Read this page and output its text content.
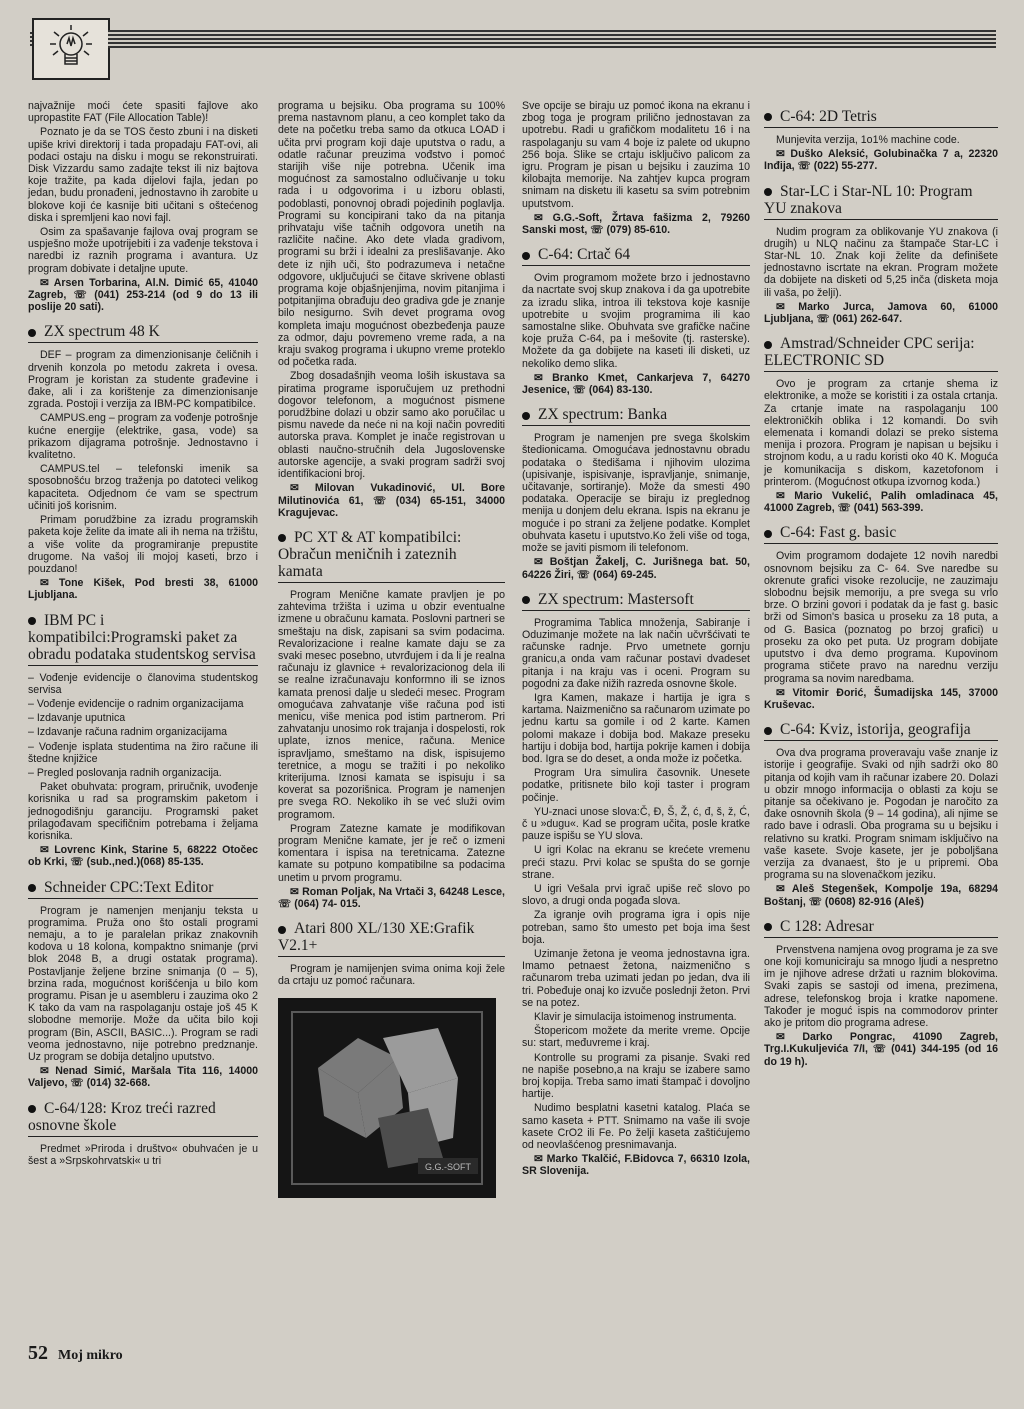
najvažnije moći ćete spasiti fajlove ako upropastite FAT (File Allocation Table)!

Poznato je da se TOS često zbuni i na disketi upiše krivi direktorij i tada propadaju FAT-ovi, ali podaci ostaju na disku i mogu se rekonstruirati. Disk Vizzardu samo zadajte tekst ili niz bajtova koje tražite, pa kada dijelovi fajla, jedan po jedan, budu pronađeni, jednostavno ih zarobite u blokove koji će kasnije biti učitani s oštećenog diska i spremljeni kao novi fajl.

Osim za spašavanje fajlova ovaj program se uspješno može upotrijebiti i za vađenje tekstova i naredbi iz raznih programa i avantura. Uz program dobivate i detaljne upute.

✉ Arsen Torbarina, Al.N. Dimić 65, 41040 Zagreb, ☏ (041) 253-214 (od 9 do 13 ili poslije 20 sati).
ZX spectrum 48 K

DEF – program za dimenzionisanje čeličnih i drvenih konzola po metodu zakreta i ovesa. Program je koristan za studente građevine i đake, ali i za korištenje za dimenzionisanje zgrada. Postoji i verzija za IBM-PC kompatibilce.

CAMPUS.eng – program za vođenje potrošnje kućne energije (elektrike, gasa, vode) sa prikazom dijagrama potrošnje. Jednostavno i kvalitetno.

CAMPUS.tel – telefonski imenik sa sposobnošću brzog traženja po datoteci velikog kapaciteta. Odjednom će vam se spectrum učiniti još korisnim.

Primam porudžbine za izradu programskih paketa koje želite da imate ali ih nema na tržištu, a više volite da programiranje prepustite drugome. Na vašoj ili mojoj kaseti, brzo i pouzdano!

✉ Tone Kišek, Pod bresti 38, 61000 Ljubljana.
IBM PC i kompatibilci:Programski paket za obradu podataka studentskog servisa

– Vođenje evidencije o članovima studentskog servisa

– Vođenje evidencije o radnim organizacijama

– Izdavanje uputnica

– Izdavanje računa radnim organizacijama

– Vođenje isplata studentima na žiro račune ili štedne knjižice

– Pregled poslovanja radnih organizacija.

Paket obuhvata: program, priručnik, uvođenje korisnika u rad sa programskim paketom i jednogodišnju garanciju. Programski paket prilagođavam specifičnim potrebama i željama korisnika.

✉ Lovrenc Kink, Starine 5, 68222 Otočec ob Krki, ☏ (sub.,ned.)(068) 85-135.
Schneider CPC:Text Editor

Program je namenjen menjanju teksta u programima. Pruža ono što ostali programi nemaju, a to je paralelan prikaz znakovnih kodova u 18 kolona, kompaktno snimanje (prvi blok 2048 B, a drugi ostatak programa). Postavljanje željene brzine snimanja (0 – 5), brzina rada, mogućnost korišćenja u bilo kom programu. Pisan je u asembleru i zauzima oko 2 K tako da vam na raspolaganju ostaje još 45 K slobodne memorije. Može da učita bilo koji program (Bin, ASCII, BASIC...). Program se radi veoma jednostavno, nije potrebno predznanje. Uz program se dobija detaljno uputstvo.

✉ Nenad Simić, Maršala Tita 116, 14000 Valjevo, ☏ (014) 32-668.
C-64/128: Kroz treći razred osnovne škole

Predmet »Priroda i društvo« obuhvaćen je u šest a »Srpskohrvatski« u tri

programa u bejsiku. Oba programa su 100% prema nastavnom planu, a ceo komplet tako da dete na početku treba samo da otkuca LOAD i učita prvi program koji daje uputstva o radu, a odatle računar preuzima vođstvo i pomoć starijih više nije potrebna. Učenik ima mogućnost za samostalno odlučivanje u toku rada i u odgovorima i u izboru oblasti, podoblasti, ponovnoj obradi pojedinih poglavlja. Programi su koncipirani tako da na pitanja prihvataju više tačnih odgovora unetih na različite načine. Ako dete vlada gradivom, programi su brži i idealni za preslišavanje. Ako dete iz njih uči, što podrazumeva i netačne odgovore, uključujući se čitave skrivene oblasti programa koje objašnjenjima, novim pitanjima i potpitanjima obrađuju deo gradiva gde je znanje bilo nesigurno. Svih devet programa ovog kompleta imaju mogućnost obezbeđenja pauze za odmor, daju povremeno vreme rada, a na kraju svakog programa i ukupno vreme proteklo od početka rada.

Zbog dosadašnjih veoma loših iskustava sa piratima programe isporučujem uz prethodni dogovor telefonom, a mogućnost pismene porudžbine dolazi u obzir samo ako poručilac u pismu navede da neće ni na koji način povrediti autorska prava. Komplet je inače registrovan u oblasti naučno-stručnih dela Jugoslovenske autorske agencije, a svaki program sadrži svoj identifikacioni broj.

✉ Milovan Vukadinović, Ul. Bore Milutinovića 61, ☏ (034) 65-151, 34000 Kragujevac.
PC XT & AT kompatibilci: Obračun meničnih i zateznih kamata

Program Menične kamate pravljen je po zahtevima tržišta i uzima u obzir eventualne izmene u obračunu kamata. Poslovni partneri se smeštaju na disk, zapisani sa svim podacima. Revalorizacione i realne kamate daju se za svaki mesec posebno, utvrđujem i da li je realna računaju iz glavnice + revalorizacionog dela ili se realne izračunavaju konformno ili se iznos kamata prenosi dalje u sledeći mesec. Program omogućava zahvatanje više računa pod isti menicu, više menica pod istim partnerom. Pri zahvatanju unosimo rok trajanja i dospelosti, rok uplate, iznos menice, računa. Menice ispravljamo, smeštamo na disk, ispisujemo teretnice, a mogu se tražiti i po nekoliko kriterijuma. Iznosi kamata se ispisuju i sa koverat sa pozorišnica. Program je namenjen pre svega RO. Nekoliko ih se već služi ovim programom.

Program Zatezne kamate je modifikovan program Menične kamate, jer je reč o izmeni komentara i ispisa na teretnicama. Zatezne kamate su potpuno kompatibilne sa podacima unetim u prvom programu.

✉ Roman Poljak, Na Vrtači 3, 64248 Lesce, ☏ (064) 74- 015.
Atari 800 XL/130 XE:Grafik V2.1+

Program je namijenjen svima onima koji žele da crtaju uz pomoć računara.

G.G.-SOFT

Sve opcije se biraju uz pomoć ikona na ekranu i zbog toga je program prilično jednostavan za upotrebu. Radi u grafičkom modalitetu 16 i na raspolaganju su vam 4 boje iz palete od ukupno 256 boja. Slike se crtaju isključivo palicom za igru. Program je pisan u bejsiku i zauzima 10 kilobajta memorije. Na zahtjev kupca program snimam na disketu ili kasetu sa svim potrebnim uputstvom.

✉ G.G.-Soft, Žrtava fašizma 2, 79260 Sanski most, ☏ (079) 85-610.
C-64: Crtač 64

Ovim programom možete brzo i jednostavno da nacrtate svoj skup znakova i da ga upotrebite za izradu slika, introa ili tekstova koje kasnije upotrebite u svojim programima ili kao samostalne slike. Obuhvata sve grafičke načine koje pruža C-64, pa i mešovite (tj. rasterske). Možete da ga dobijete na kaseti ili disketi, uz nekoliko demo slika.

✉ Branko Kmet, Cankarjeva 7, 64270 Jesenice, ☏ (064) 83-130.
ZX spectrum: Banka

Program je namenjen pre svega školskim štedionicama. Omogućava jednostavnu obradu podataka o štedišama i njihovim ulozima (upisivanje, ispisivanje, ispravljanje, snimanje, učitavanje, sortiranje). Može da smesti 490 podataka. Operacije se biraju iz preglednog menija u donjem delu ekrana. Ispis na ekranu je moguće i po strani za željene podatke. Komplet obuhvata kasetu i uputstvo.Ko želi više od toga, može se javiti pismom ili telefonom.

✉ Boštjan Žakelj, C. Jurišnega bat. 50, 64226 Žiri, ☏ (064) 69-245.
ZX spectrum: Mastersoft

Programima Tablica množenja, Sabiranje i Oduzimanje možete na lak način učvršćivati te računske radnje. Prvo umetnete gornju granicu,a onda vam računar postavi dvadeset pitanja i na kraju vas i oceni. Program su pogodni za đake nižih razreda osnovne škole.

Igra Kamen, makaze i hartija je igra s kartama. Naizmenično sa računarom uzimate po jednu kartu sa gomile i od 2 karte. Kamen polomi makaze i dobija bod. Makaze preseku hartiju i dobija bod, hartija pokrije kamen i dobija bod. Igra se do deset, a onda može iz početka.

Program Ura simulira časovnik. Unesete podatke, pritisnete bilo koji taster i program počinje.

YU-znaci unose slova:Č, Đ, Š, Ž, ć, đ, š, ž, Ć, č u »dugu«. Kad se program učita, posle kratke pauze ispišu se YU slova.

U igri Kolac na ekranu se krećete vremenu preći stazu. Prvi kolac se spušta do se gornje strane.

U igri Vešala prvi igrač upiše reč slovo po slovo, a drugi onda pogađa slova.

Za igranje ovih programa igra i opis nije potreban, samo što umesto pet boja ima šest boja.

Uzimanje žetona je veoma jednostavna igra. Imamo petnaest žetona, naizmenično s računarom treba uzimati jedan po jedan, dva ili tri. Pobeđuje onaj ko izvuče poslednji žeton. Prvi se na potez.

Klavir je simulacija istoimenog instrumenta.

Štopericom možete da merite vreme. Opcije su: start, međuvreme i kraj.

Kontrolle su programi za pisanje. Svaki red ne napiše posebno,a na kraju se izabere samo broj kopija. Treba samo imati štampač i dovoljno hartije.

Nudimo besplatni kasetni katalog. Plaća se samo kaseta + PTT. Snimamo na vaše ili svoje kasete CrO2 ili Fe. Po želji kaseta zaštićujemo od neovlašćenog presnimavanja.

✉ Marko Tkalčić, F.Bidovca 7, 66310 Izola, SR Slovenija.
C-64: 2D Tetris

Munjevita verzija, 1o1% machine code.

✉ Duško Aleksić, Golubinačka 7 a, 22320 Inđija, ☏ (022) 55-277.
Star-LC i Star-NL 10: Program YU znakova

Nudim program za oblikovanje YU znakova (i drugih) u NLQ načinu za štampače Star-LC i Star-NL 10. Znak koji želite da definišete jednostavno iscrtate na ekran. Program možete da dobijete na disketi od 5,25 inča (disketa moja ili vaša, po želji).

✉ Marko Jurca, Jamova 60, 61000 Ljubljana, ☏ (061) 262-647.
Amstrad/Schneider CPC serija: ELECTRONIC SD

Ovo je program za crtanje shema iz elektronike, a može se koristiti i za ostala crtanja. Za crtanje imate na raspolaganju 100 elektroničkih oblika i 12 komandi. Do svih elemenata i komandi dolazi se preko sistema menija i prozora. Program je napisan u bejsiku i strojnom kodu, a u radu koristi oko 40 K. Moguća je komunikacija s diskom, kazetofonom i printerom. (Mogućnost otkupa izvornog koda.)

✉ Mario Vukelić, Palih omladinaca 45, 41000 Zagreb, ☏ (041) 563-399.
C-64: Fast g. basic

Ovim programom dodajete 12 novih naredbi osnovnom bejsiku za C- 64. Sve naredbe su okrenute grafici visoke rezolucije, ne zauzimaju slobodnu bejsik memoriju, a pre svega su vrlo brze. O brzini govori i podatak da je fast g. basic brži od Simon's basica u proseku za 18 puta, a od G. Basica (poznatog po brzoj grafici) u proseku za oko pet puta. Uz program dobijate uputstvo i dva demo programa. Kupovinom programa stičete pravo na narednu verziju programa sa novim naredbama.

✉ Vitomir Đorić, Šumadijska 145, 37000 Kruševac.
C-64: Kviz, istorija, geografija

Ova dva programa proveravaju vaše znanje iz istorije i geografije. Svaki od njih sadrži oko 80 pitanja od kojih vam ih računar izabere 20. Dolazi u obzir mnogo informacija o oblasti za koju se pitanje sa očekivano je. Pogodan je naročito za đake osnovnih škola (9 – 14 godina), ali njime se rado bave i odrasli. Oba programa su u bejsiku i relativno su kratki. Program snimam isključivo na vaše kasete. Svoje kasete, jer je poboljšana verzija za dvanaest, što je u pripremi. Oba programa su na slovenačkom jeziku.

✉ Aleš Stegenšek, Kompolje 19a, 68294 Boštanj, ☏ (0608) 82-916 (Aleš)
C 128: Adresar

Prvenstvena namjena ovog programa je za sve one koji komuniciraju sa mnogo ljudi a nespretno im je njihove adrese držati u raznim blokovima. Svaki zapis se sastoji od imena, prezimena, adrese, telefonskog broja i kratke napomene. Također je moguć ispis na commodorov printer ako je pritom dio programa adrese.

✉ Darko Pongrac, 41090 Zagreb, Trg.I.Kukuljevića 7/I, ☏ (041) 344-195 (od 16 do 19 h).
52 Moj mikro
